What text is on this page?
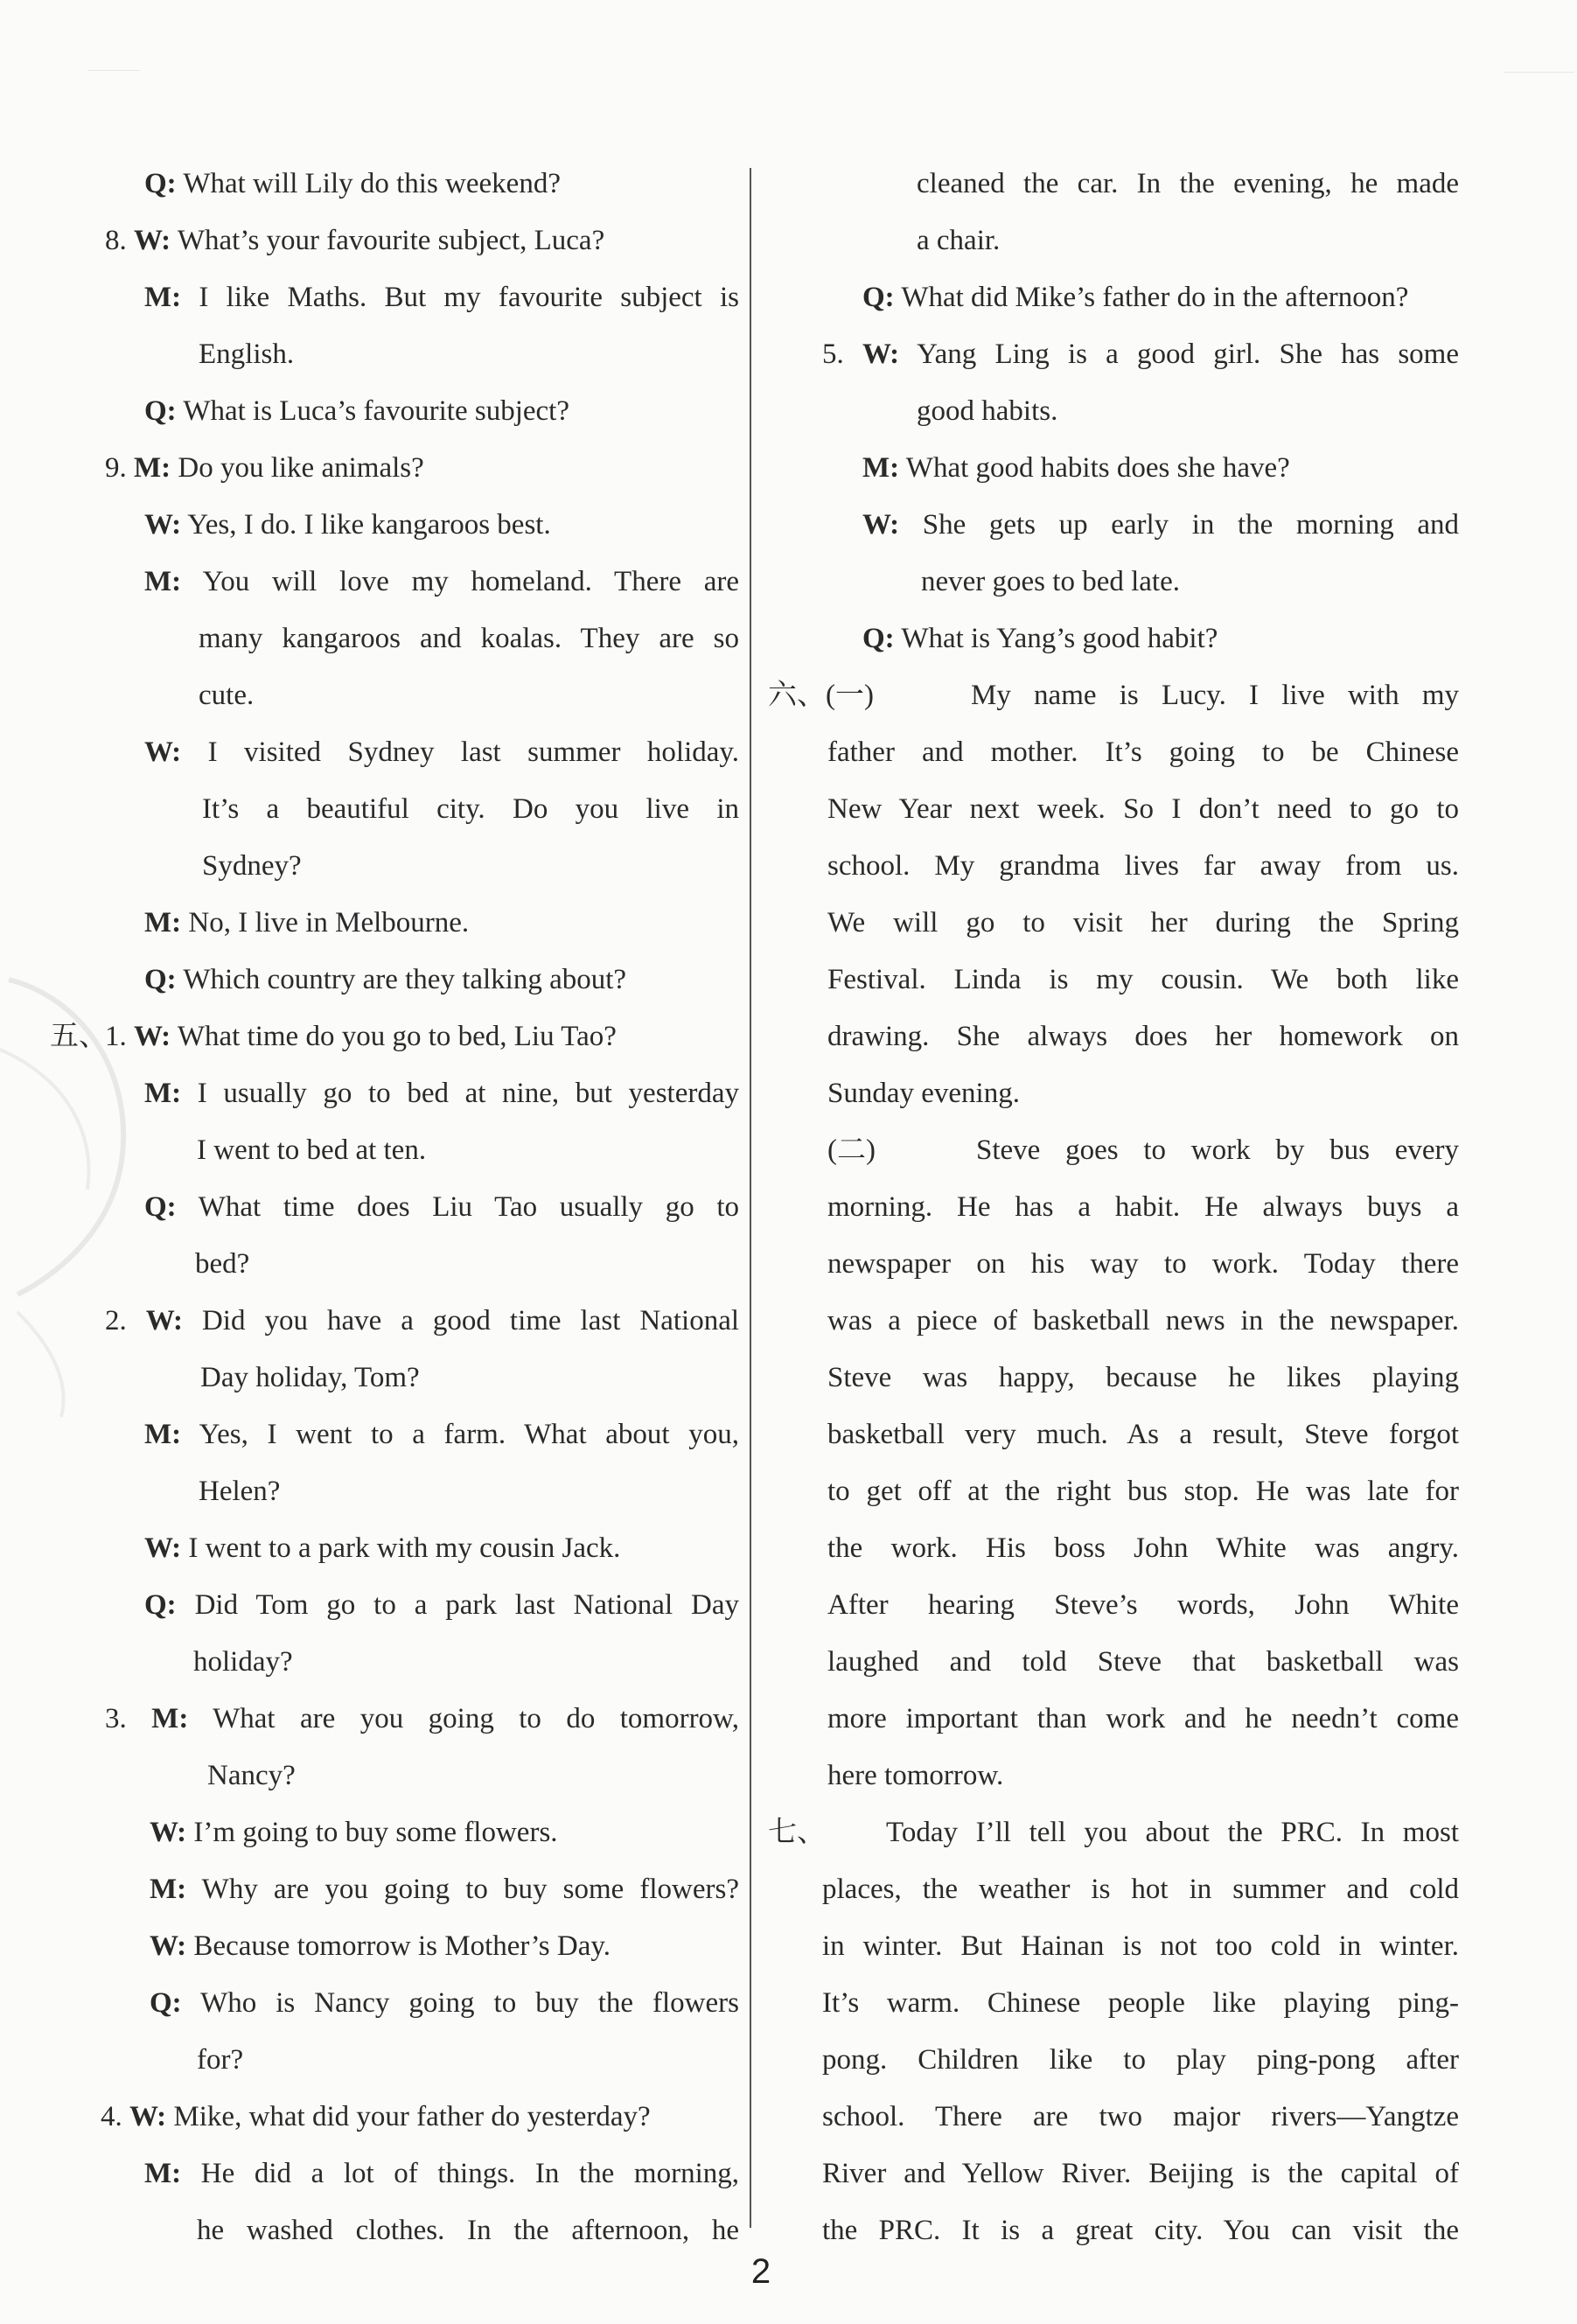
Q: What will Lily do this weekend?
8. W: What’s your favourite subject, Luca?
M: I like Maths. But my favourite subject is
English.
Q: What is Luca’s favourite subject?
9. M: Do you like animals?
W: Yes, I do. I like kangaroos best.
M: You will love my homeland. There are
many kangaroos and koalas. They are so
cute.
W: I visited Sydney last summer holiday.
It’s a beautiful city. Do you live in
Sydney?
M: No, I live in Melbourne.
Q: Which country are they talking about?
五、
1. W: What time do you go to bed, Liu Tao?
M: I usually go to bed at nine, but yesterday
I went to bed at ten.
Q: What time does Liu Tao usually go to
bed?
2. W: Did you have a good time last National
Day holiday, Tom?
M: Yes, I went to a farm. What about you,
Helen?
W: I went to a park with my cousin Jack.
Q: Did Tom go to a park last National Day
holiday?
3. M: What are you going to do tomorrow,
Nancy?
W: I’m going to buy some flowers.
M: Why are you going to buy some flowers?
W: Because tomorrow is Mother’s Day.
Q: Who is Nancy going to buy the flowers
for?
4. W: Mike, what did your father do yesterday?
M: He did a lot of things. In the morning,
he washed clothes. In the afternoon, he
cleaned the car. In the evening, he made
a chair.
Q: What did Mike’s father do in the afternoon?
5. W: Yang Ling is a good girl. She has some
good habits.
M: What good habits does she have?
W: She gets up early in the morning and
never goes to bed late.
Q: What is Yang’s good habit?
六、(一)	My name is Lucy. I live with my
father and mother. It’s going to be Chinese
New Year next week. So I don’t need to go to
school. My grandma lives far away from us.
We will go to visit her during the Spring
Festival. Linda is my cousin. We both like
drawing. She always does her homework on
Sunday evening.
(二)	Steve goes to work by bus every
morning. He has a habit. He always buys a
newspaper on his way to work. Today there
was a piece of basketball news in the newspaper.
Steve was happy, because he likes playing
basketball very much. As a result, Steve forgot
to get off at the right bus stop. He was late for
the work. His boss John White was angry.
After hearing Steve’s words, John White
laughed and told Steve that basketball was
more important than work and he needn’t come
here tomorrow.
七、 Today I’ll tell you about the PRC. In most
places, the weather is hot in summer and cold
in winter. But Hainan is not too cold in winter.
It’s warm. Chinese people like playing ping-
pong. Children like to play ping-pong after
school. There are two major rivers—Yangtze
River and Yellow River. Beijing is the capital of
the PRC. It is a great city. You can visit the
2
